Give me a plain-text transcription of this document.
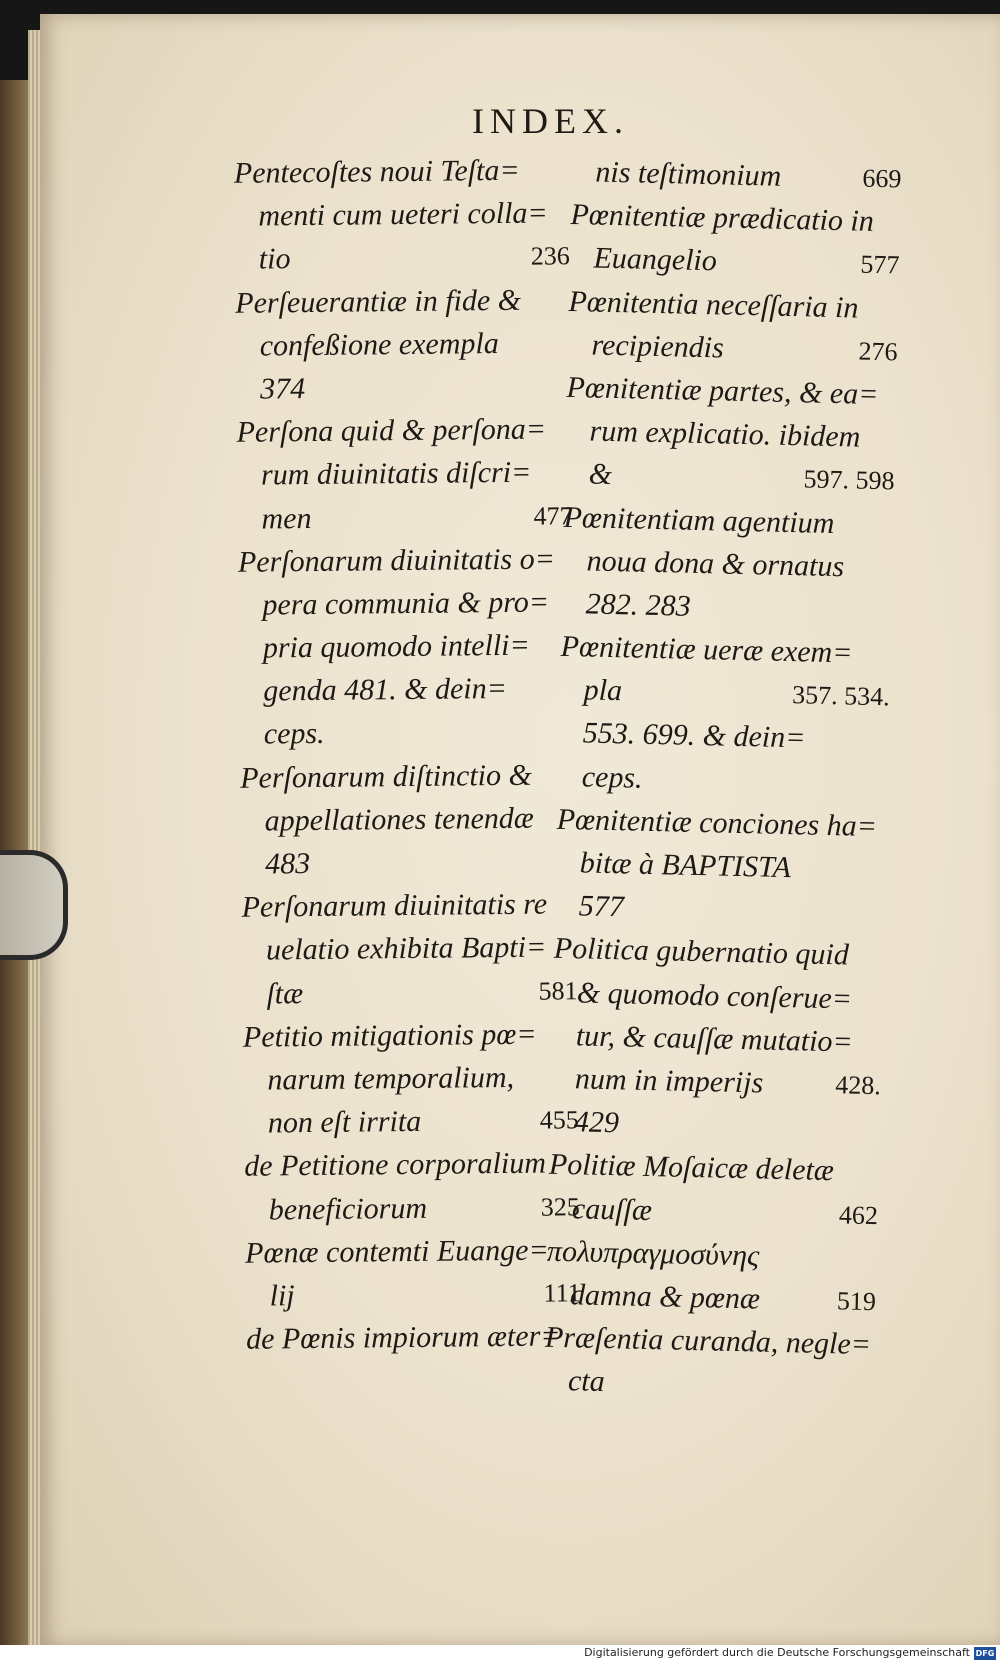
INDEX.
Pentecoſtes noui Teſta=
menti cum ueteri colla=
tio	236
Perſeuerantiæ in fide &
confeßione exempla
374
Perſona quid & perſona=
rum diuinitatis diſcri=
men	477
Perſonarum diuinitatis o=
pera communia & pro=
pria quomodo intelli=
genda 481. & dein=
ceps.
Perſonarum diſtinctio &
appellationes tenendæ
483
Perſonarum diuinitatis re
uelatio exhibita Bapti=
ſtæ	581
Petitio mitigationis pœ=
narum temporalium,
non eſt irrita	455
de Petitione corporalium
beneficiorum	325
Pœnæ contemti Euange=
lij	111
de Pœnis impiorum æter=
nis teſtimonium	669
Pœnitentiæ prædicatio in
Euangelio	577
Pœnitentia neceſſaria in
recipiendis	276
Pœnitentiæ partes, & ea=
rum explicatio. ibidem
&	597. 598
Pœnitentiam agentium
noua dona & ornatus
282. 283
Pœnitentiæ ueræ exem=
pla	357. 534.
553. 699. & dein=
ceps.
Pœnitentiæ conciones ha=
bitæ à BAPTISTA
577
Politica gubernatio quid
& quomodo conſerue=
tur, & cauſſæ mutatio=
num in imperijs	428.
429
Politiæ Moſaicæ deletæ
cauſſæ	462
πολυπραγμοσύνης
damna & pœnæ	519
Præſentia curanda, negle=
cta
Digitalisierung gefördert durch die Deutsche Forschungsgemeinschaft DFG
